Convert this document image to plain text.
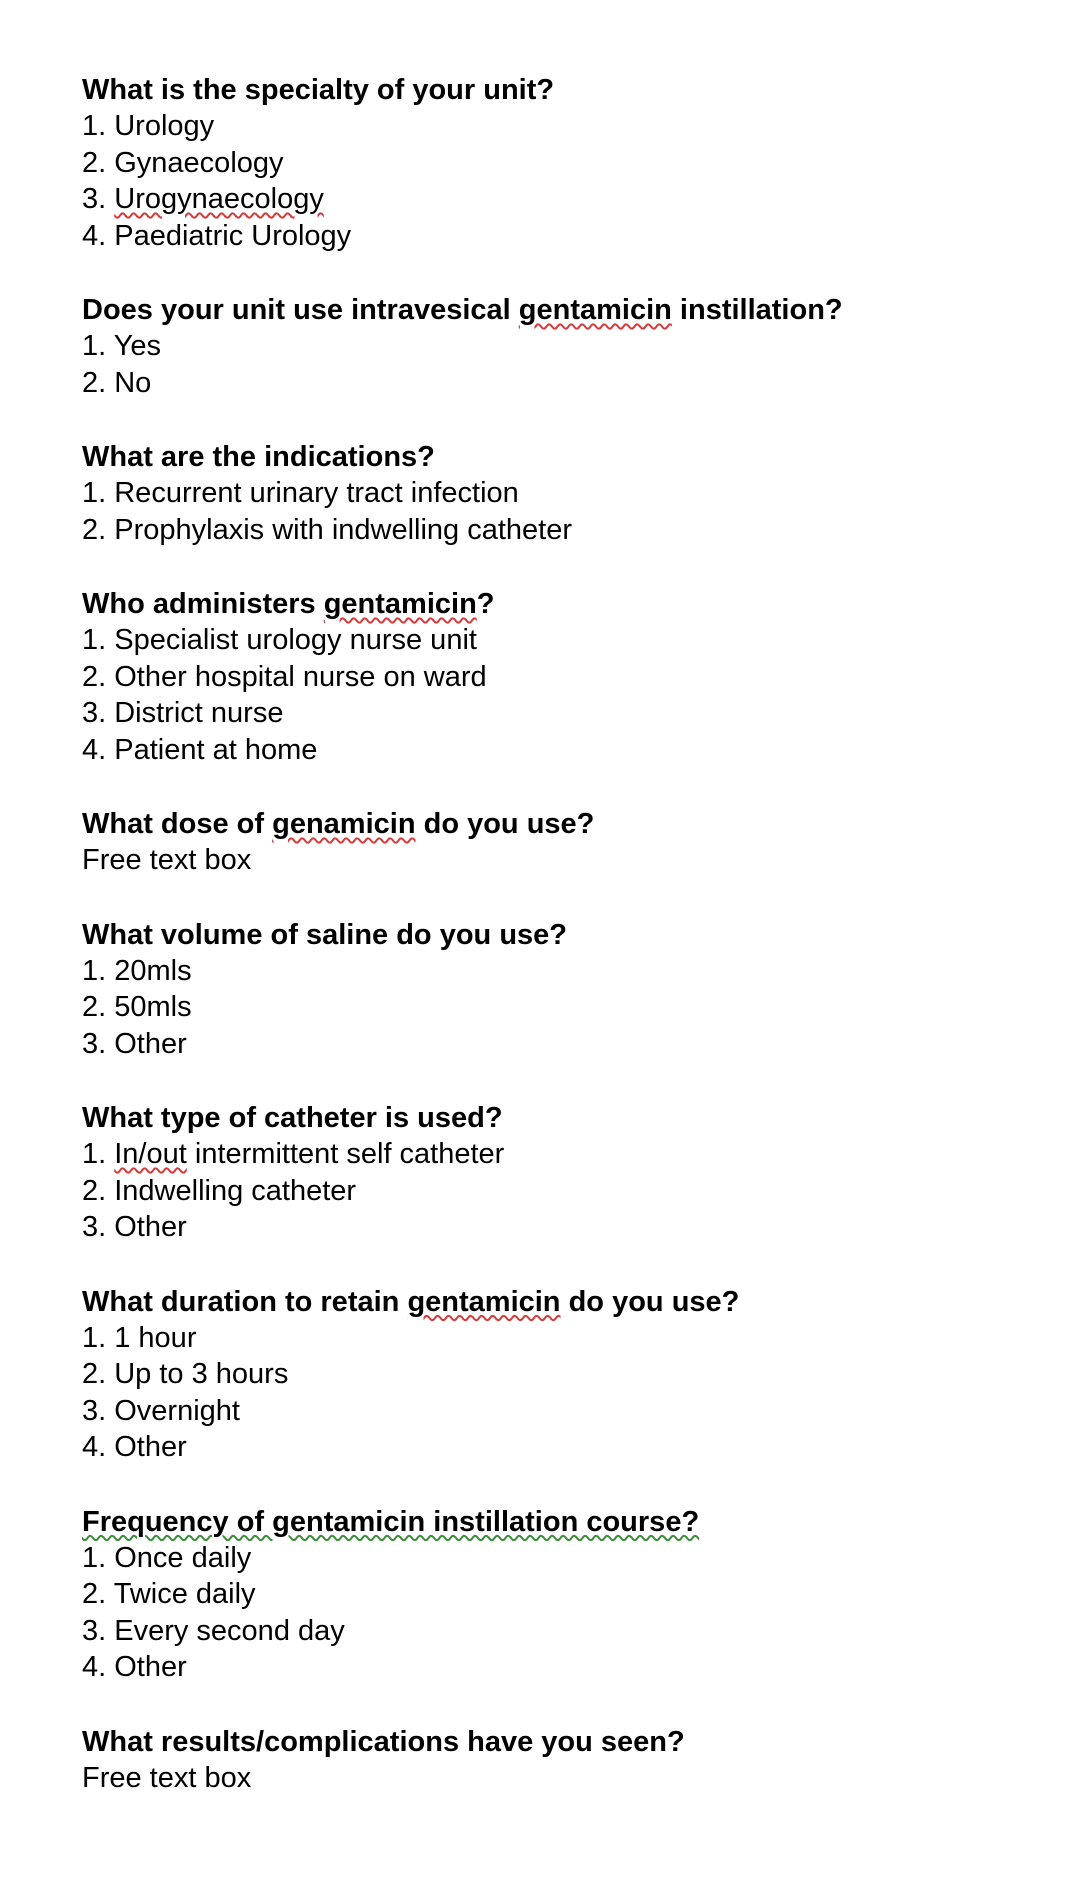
What is the specialty of your unit?

1. Urology

2. Gynaecology

3. Urogynaecology

4. Paediatric Urology

Does your unit use intravesical gentamicin instillation?

1. Yes

2. No

What are the indications?

1. Recurrent urinary tract infection

2. Prophylaxis with indwelling catheter

Who administers gentamicin?

1. Specialist urology nurse unit

2. Other hospital nurse on ward

3. District nurse

4. Patient at home

What dose of genamicin do you use?

Free text box

What volume of saline do you use?

1. 20mls

2. 50mls

3. Other

What type of catheter is used?

1. In/out intermittent self catheter

2. Indwelling catheter

3. Other

What duration to retain gentamicin do you use?

1. 1 hour

2. Up to 3 hours

3. Overnight

4. Other

Frequency of gentamicin instillation course?

1. Once daily

2. Twice daily

3. Every second day

4. Other

What results/complications have you seen?

Free text box
